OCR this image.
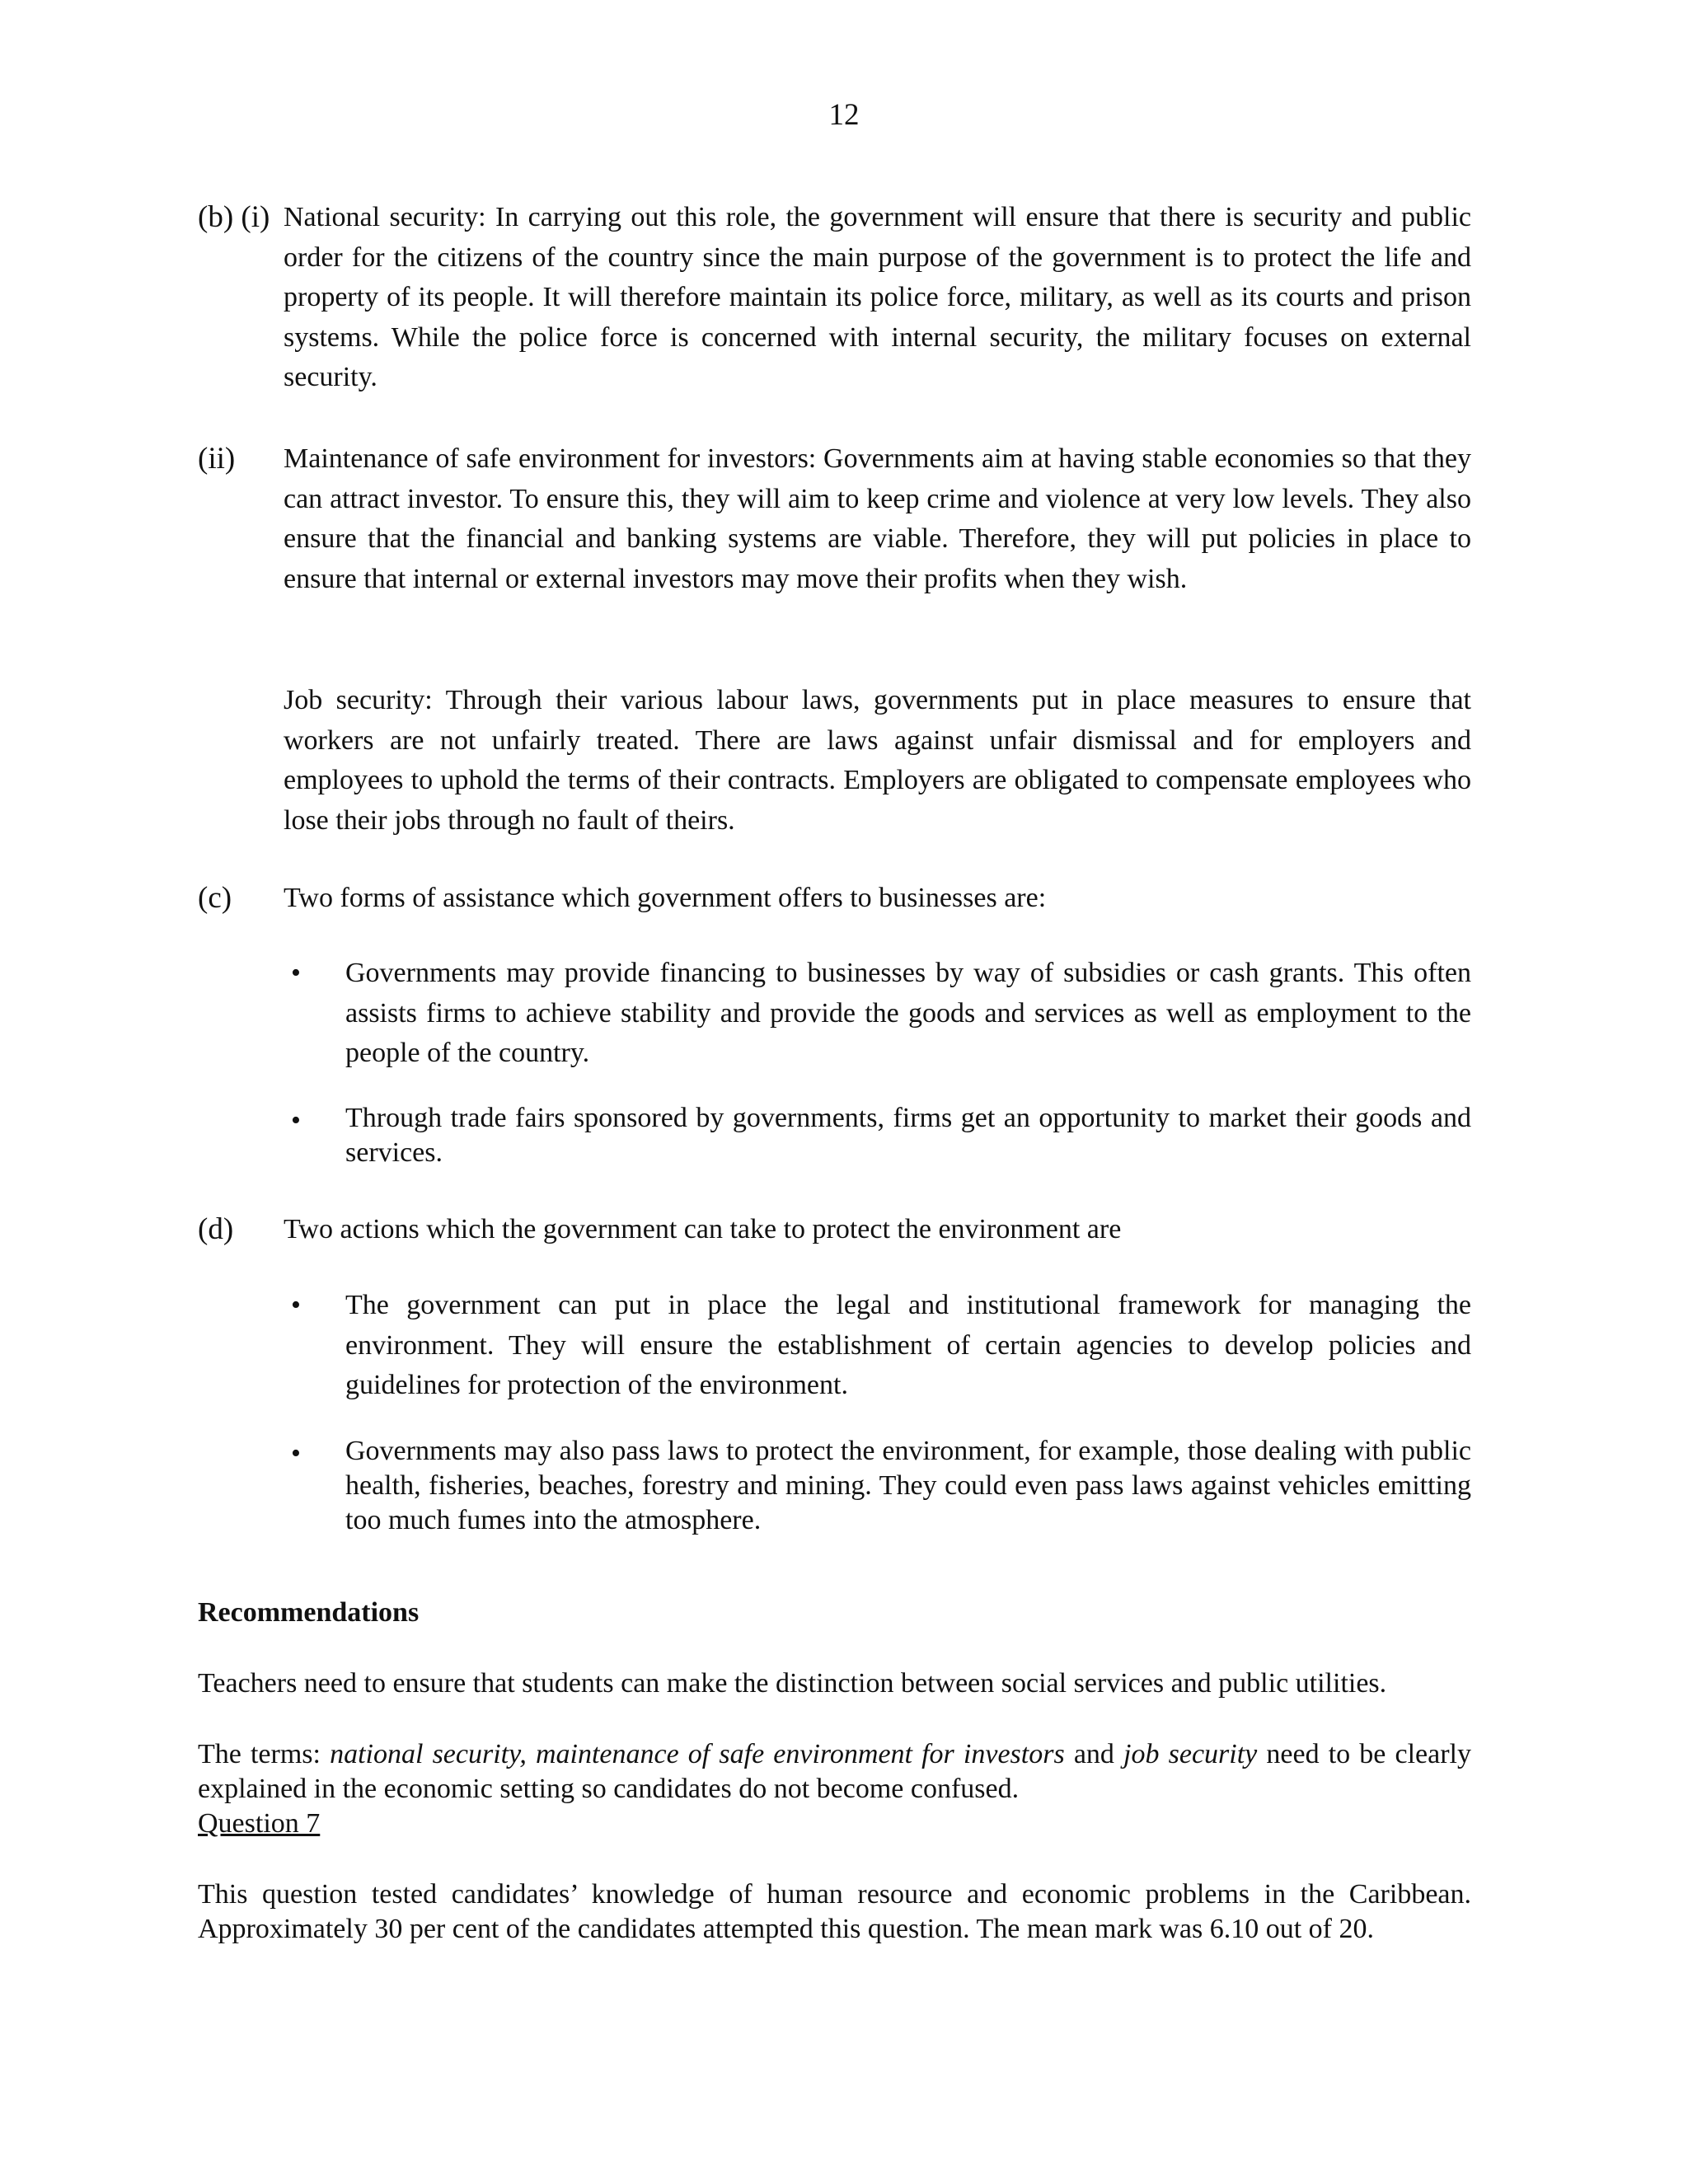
12
(b) (i) National security: In carrying out this role, the government will ensure that there is security and public order for the citizens of the country since the main purpose of the government is to protect the life and property of its people. It will therefore maintain its police force, military, as well as its courts and prison systems. While the police force is concerned with internal security, the military focuses on external security.
(ii) Maintenance of safe environment for investors: Governments aim at having stable economies so that they can attract investor. To ensure this, they will aim to keep crime and violence at very low levels. They also ensure that the financial and banking systems are viable. Therefore, they will put policies in place to ensure that internal or external investors may move their profits when they wish.
Job security: Through their various labour laws, governments put in place measures to ensure that workers are not unfairly treated. There are laws against unfair dismissal and for employers and employees to uphold the terms of their contracts. Employers are obligated to compensate employees who lose their jobs through no fault of theirs.
(c) Two forms of assistance which government offers to businesses are:
• Governments may provide financing to businesses by way of subsidies or cash grants. This often assists firms to achieve stability and provide the goods and services as well as employment to the people of the country.
• Through trade fairs sponsored by governments, firms get an opportunity to market their goods and services.
(d) Two actions which the government can take to protect the environment are
• The government can put in place the legal and institutional framework for managing the environment. They will ensure the establishment of certain agencies to develop policies and guidelines for protection of the environment.
• Governments may also pass laws to protect the environment, for example, those dealing with public health, fisheries, beaches, forestry and mining. They could even pass laws against vehicles emitting too much fumes into the atmosphere.
Recommendations
Teachers need to ensure that students can make the distinction between social services and public utilities.
The terms: national security, maintenance of safe environment for investors and job security need to be clearly explained in the economic setting so candidates do not become confused.
Question 7
This question tested candidates’ knowledge of human resource and economic problems in the Caribbean. Approximately 30 per cent of the candidates attempted this question. The mean mark was 6.10 out of 20.
